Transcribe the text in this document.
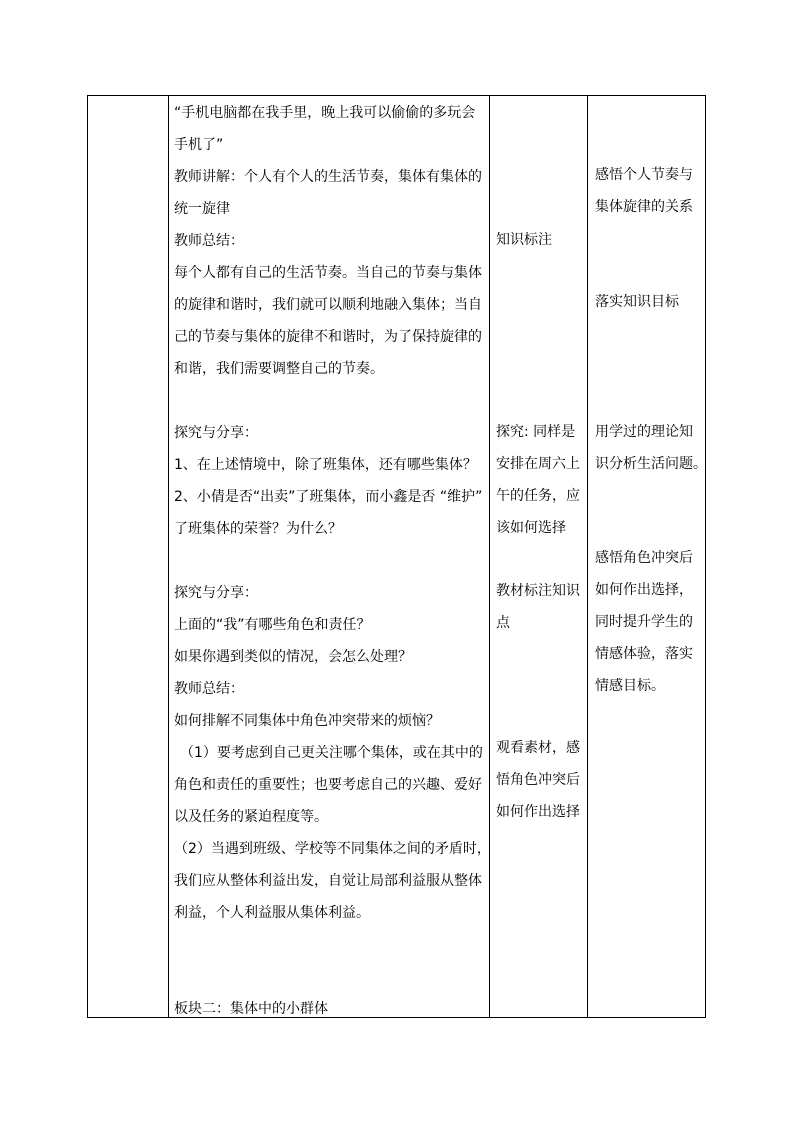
“手机电脑都在我手里，晚上我可以偷偷的多玩会
手机了”
教师讲解：个人有个人的生活节奏，集体有集体的
统一旋律
教师总结：
每个人都有自己的生活节奏。当自己的节奏与集体
的旋律和谐时，我们就可以顺利地融入集体；当自
己的节奏与集体的旋律不和谐时，为了保持旋律的
和谐，我们需要调整自己的节奏。
探究与分享：
1、在上述情境中，除了班集体，还有哪些集体？
2、小倩是否“出卖”了班集体，而小鑫是否 “维护”
了班集体的荣誉？为什么？
探究与分享：
上面的“我”有哪些角色和责任？
如果你遇到类似的情况，会怎么处理？
教师总结：
如何排解不同集体中角色冲突带来的烦恼？
（1）要考虑到自己更关注哪个集体，或在其中的
角色和责任的重要性；也要考虑自己的兴趣、爱好
以及任务的紧迫程度等。
（2）当遇到班级、学校等不同集体之间的矛盾时，
我们应从整体利益出发，自觉让局部利益服从整体
利益，个人利益服从集体利益。
板块二：集体中的小群体
知识标注
探究: 同样是
安排在周六上
午的任务，应
该如何选择
教材标注知识
点
观看素材，感
悟角色冲突后
如何作出选择
感悟个人节奏与
集体旋律的关系
落实知识目标
用学过的理论知
识分析生活问题。
感悟角色冲突后
如何作出选择，
同时提升学生的
情感体验，落实
情感目标。
